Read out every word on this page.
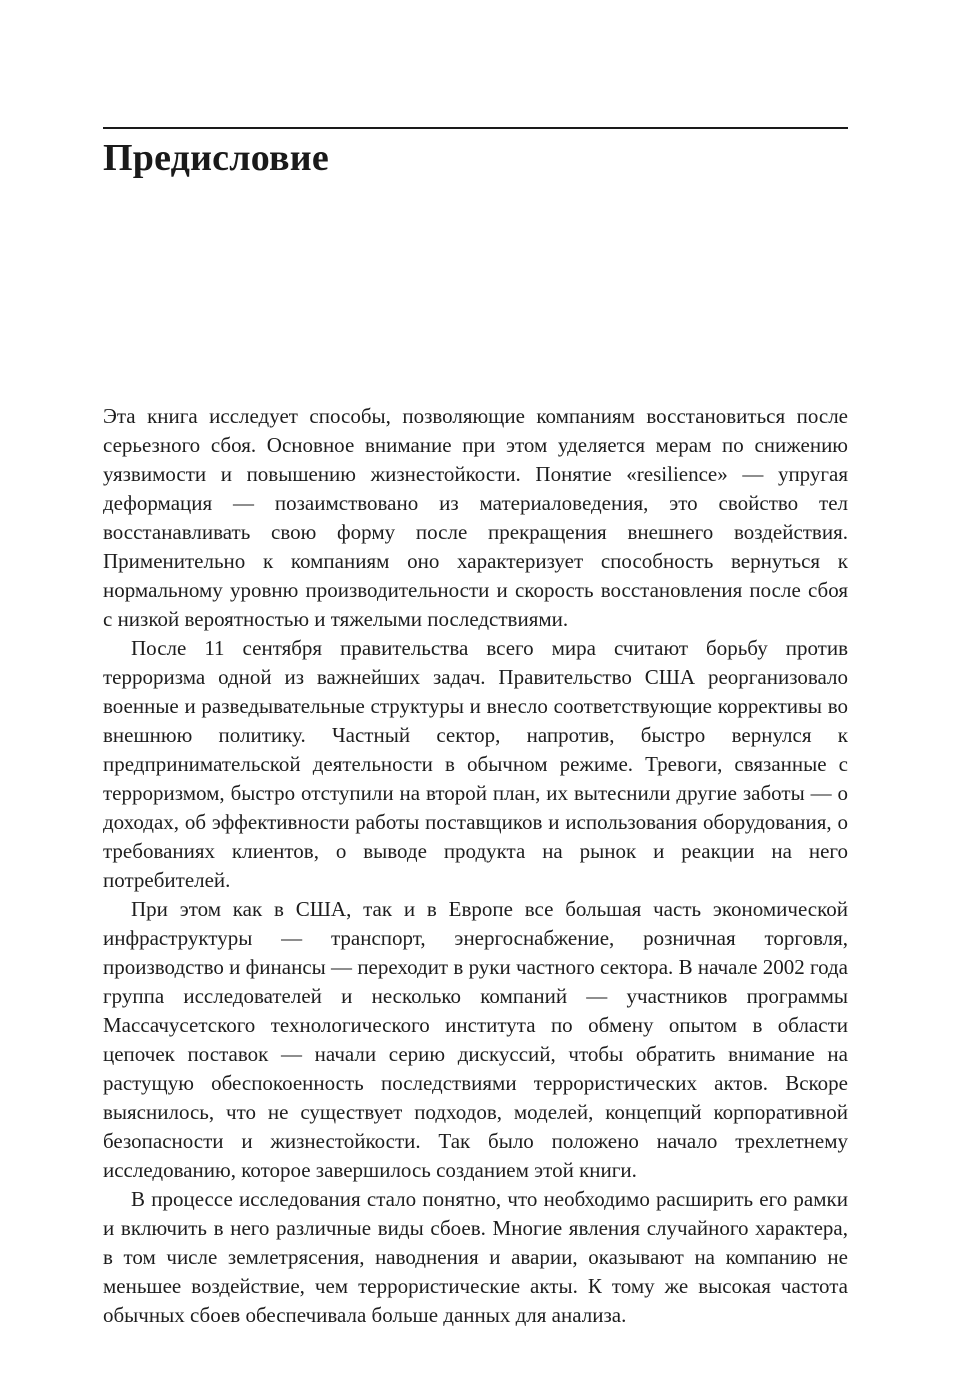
Предисловие

Эта книга исследует способы, позволяющие компаниям восстановиться после серьезного сбоя. Основное внимание при этом уделяется мерам по снижению уязвимости и повышению жизнестойкости. Понятие «resilience» — упругая деформация — позаимствовано из материаловедения, это свойство тел восстанавливать свою форму после прекращения внешнего воздействия. Применительно к компаниям оно характеризует способность вернуться к нормальному уровню производительности и скорость восстановления после сбоя с низкой вероятностью и тяжелыми последствиями.

После 11 сентября правительства всего мира считают борьбу против терроризма одной из важнейших задач. Правительство США реорганизовало военные и разведывательные структуры и внесло соответствующие коррективы во внешнюю политику. Частный сектор, напротив, быстро вернулся к предпринимательской деятельности в обычном режиме. Тревоги, связанные с терроризмом, быстро отступили на второй план, их вытеснили другие заботы — о доходах, об эффективности работы поставщиков и использования оборудования, о требованиях клиентов, о выводе продукта на рынок и реакции на него потребителей.

При этом как в США, так и в Европе все большая часть экономической инфраструктуры — транспорт, энергоснабжение, розничная торговля, производство и финансы — переходит в руки частного сектора. В начале 2002 года группа исследователей и несколько компаний — участников программы Массачусетского технологического института по обмену опытом в области цепочек поставок — начали серию дискуссий, чтобы обратить внимание на растущую обеспокоенность последствиями террористических актов. Вскоре выяснилось, что не существует подходов, моделей, концепций корпоративной безопасности и жизнестойкости. Так было положено начало трехлетнему исследованию, которое завершилось созданием этой книги.

В процессе исследования стало понятно, что необходимо расширить его рамки и включить в него различные виды сбоев. Многие явления случайного характера, в том числе землетрясения, наводнения и аварии, оказывают на компанию не меньшее воздействие, чем террористические акты. К тому же высокая частота обычных сбоев обеспечивала больше данных для анализа.
